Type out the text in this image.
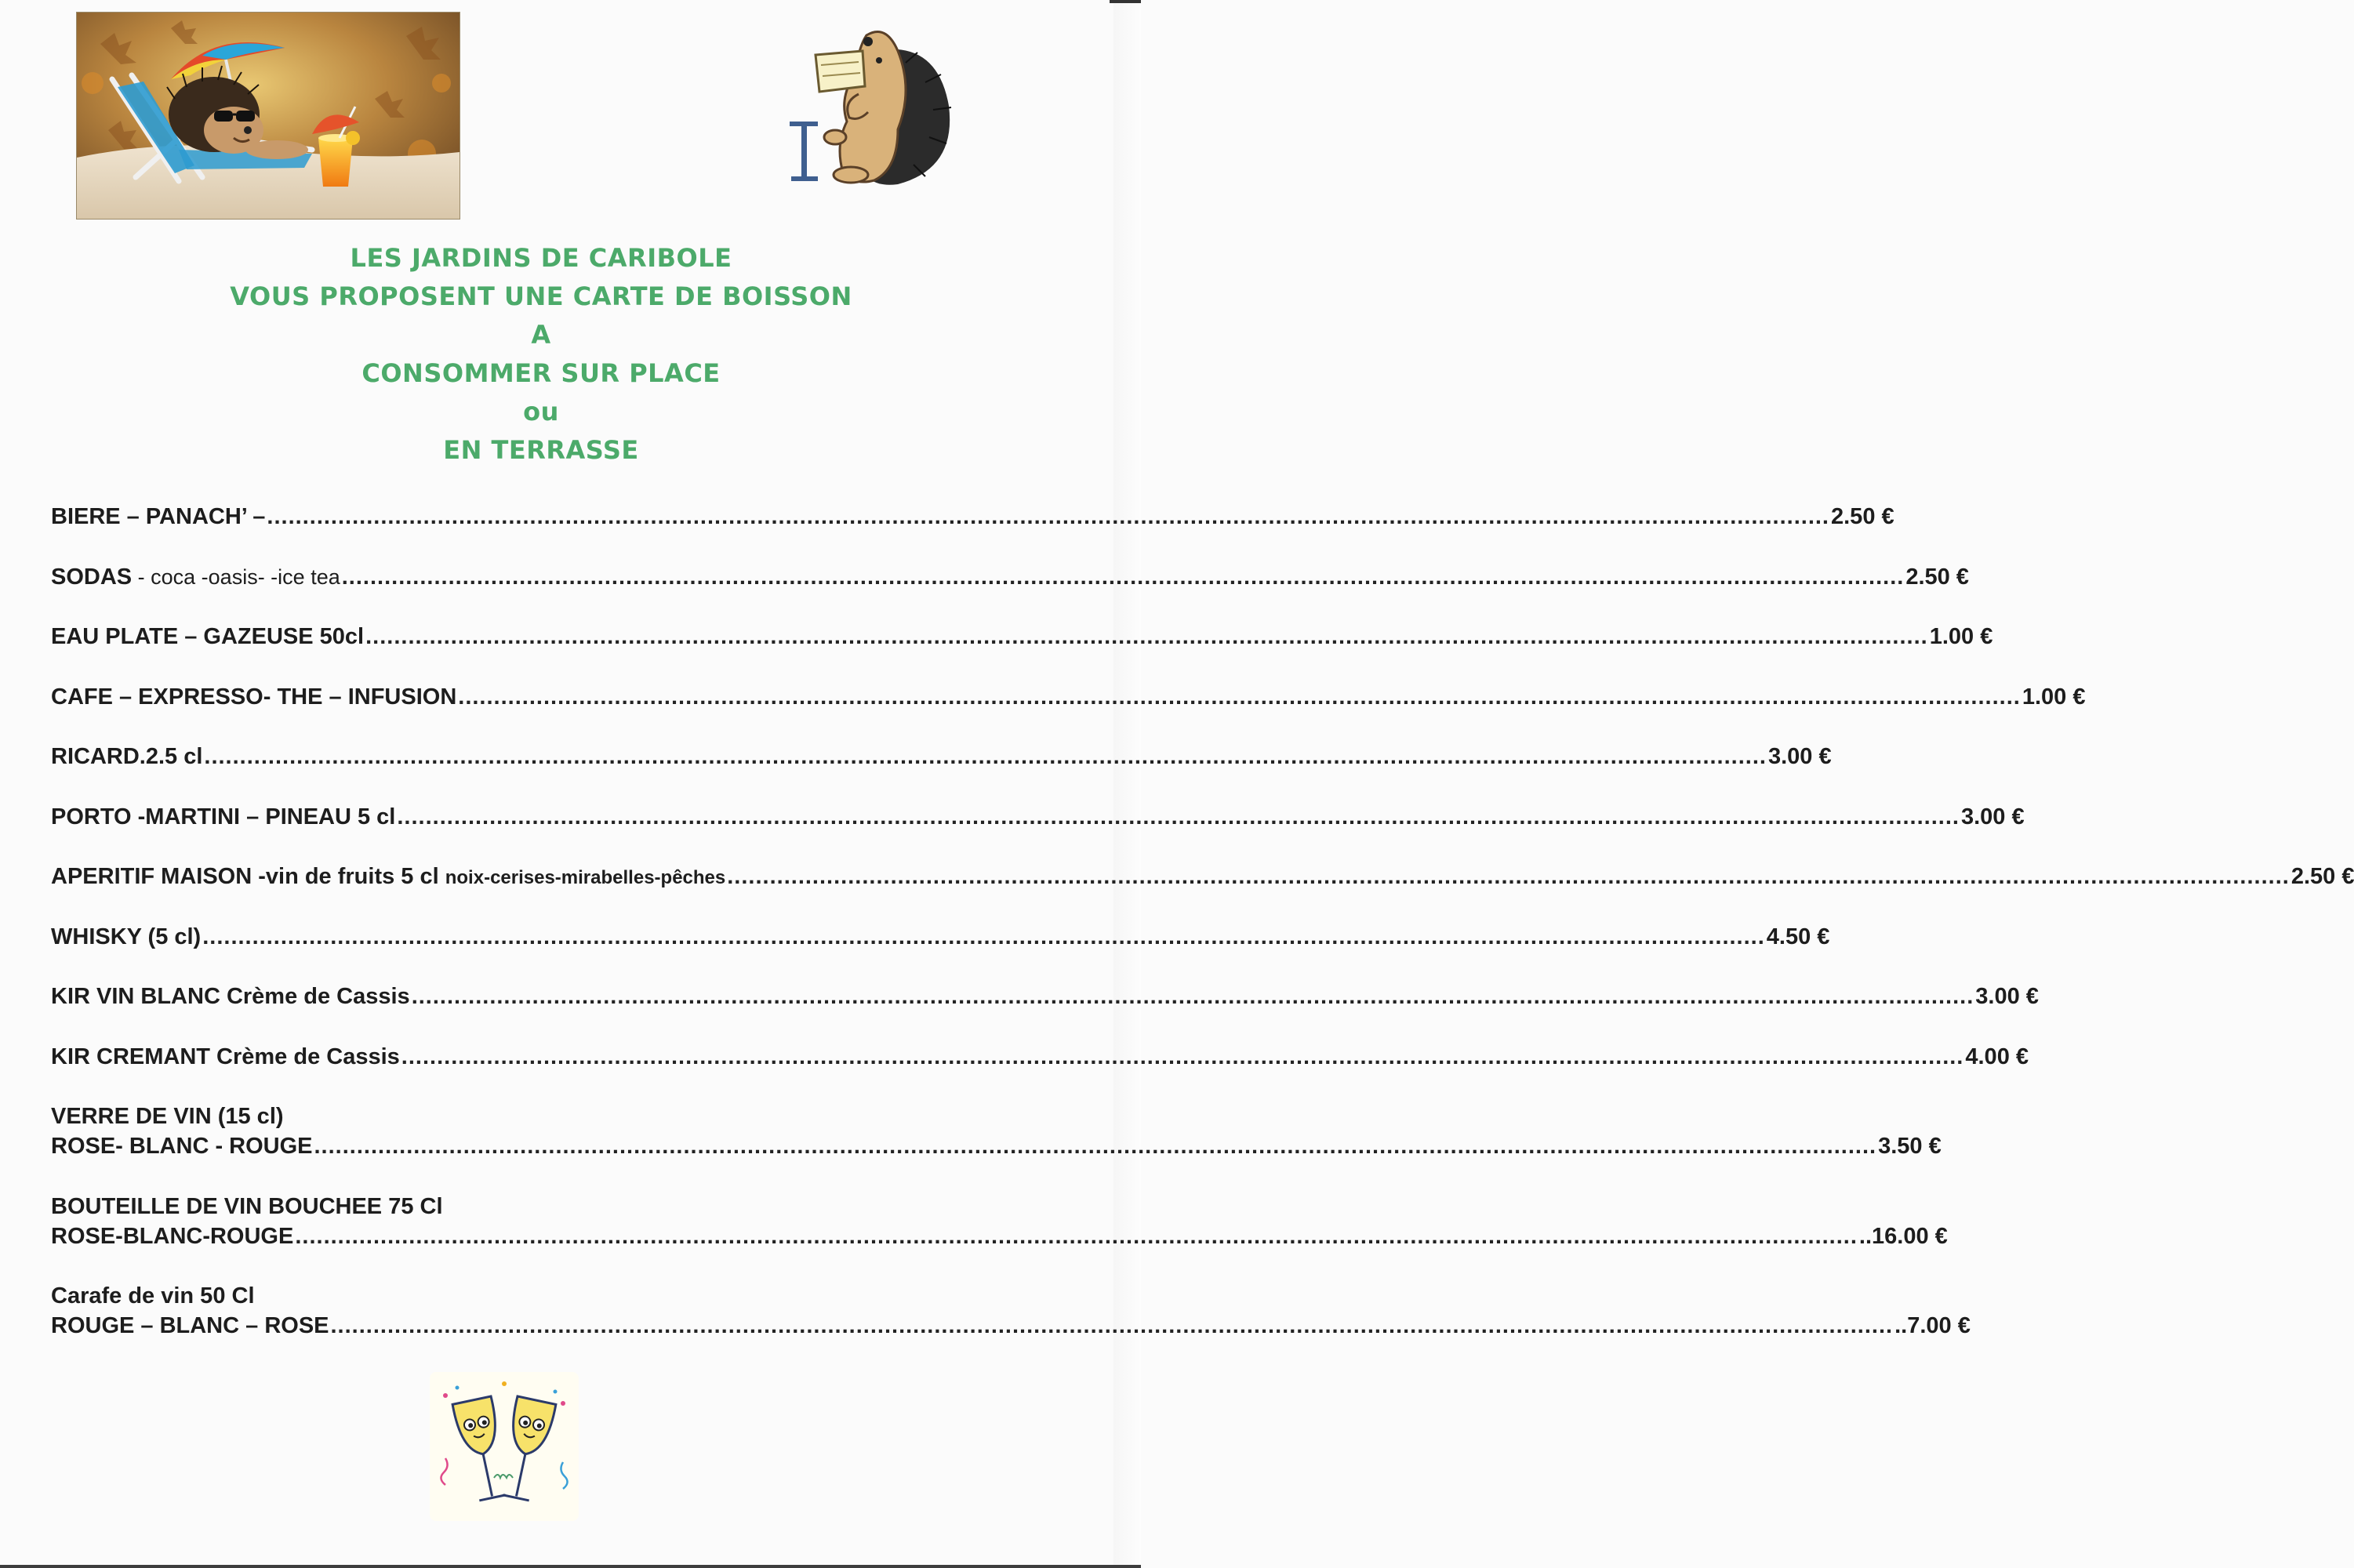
LES JARDINS DE CARIBOLE
VOUS PROPOSENT UNE CARTE DE BOISSON
A
CONSOMMER SUR PLACE
ou
EN TERRASSE
BIERE – PANACH’ – ............................................................................................................................................................................................................................ 2.50 €
SODAS - coca -oasis- -ice tea ............................................................................................................................................................................................................................ 2.50 €
EAU PLATE – GAZEUSE 50cl ............................................................................................................................................................................................................................ 1.00 €
CAFE – EXPRESSO- THE – INFUSION ............................................................................................................................................................................................................................ 1.00 €
RICARD.2.5 cl ............................................................................................................................................................................................................................ 3.00 €
PORTO -MARTINI – PINEAU 5 cl ............................................................................................................................................................................................................................ 3.00 €
APERITIF MAISON -vin de fruits 5 cl noix-cerises-mirabelles-pêches ............................................................................................................................................................................................................................ 2.50 €
WHISKY (5 cl) ............................................................................................................................................................................................................................ 4.50 €
KIR VIN BLANC Crème de Cassis ............................................................................................................................................................................................................................ 3.00 €
KIR CREMANT Crème de Cassis ............................................................................................................................................................................................................................ 4.00 €
VERRE DE VIN (15 cl)
ROSE- BLANC - ROUGE ............................................................................................................................................................................................................................ 3.50 €
BOUTEILLE DE VIN BOUCHEE 75 Cl
ROSE-BLANC-ROUGE ............................................................................................................................................................................................................................ ..16.00 €
Carafe de vin 50 Cl
ROUGE – BLANC – ROSE ............................................................................................................................................................................................................................ ..7.00 €
